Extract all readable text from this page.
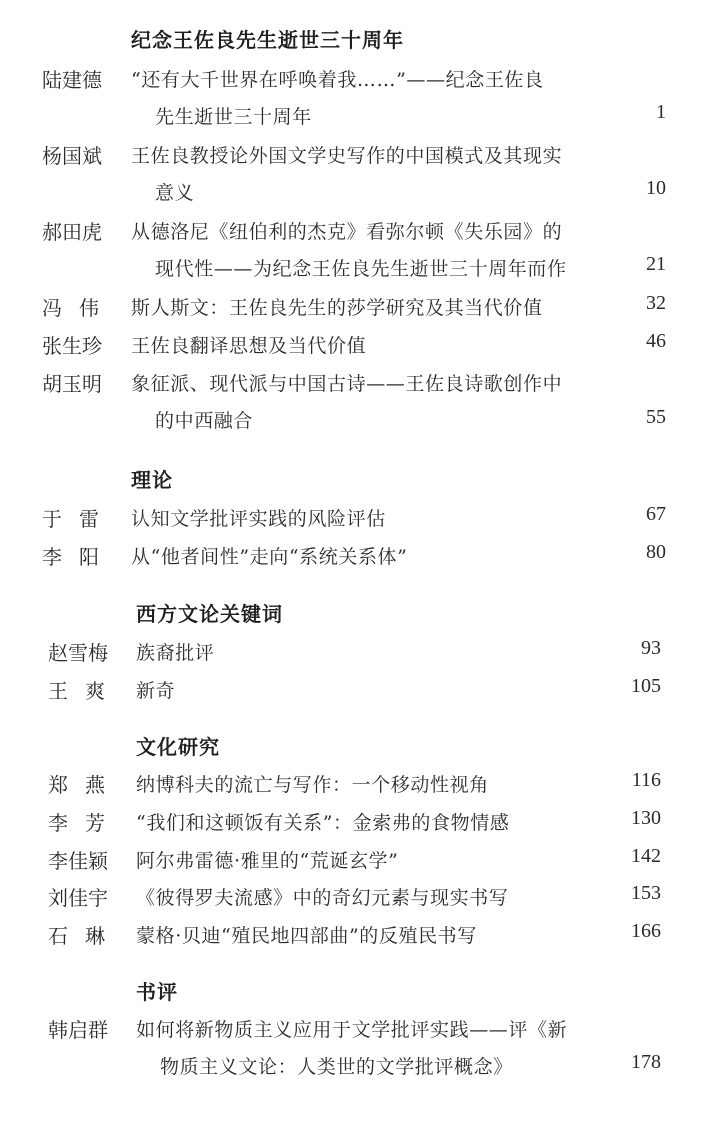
纪念王佐良先生逝世三十周年
陆建德 “还有大千世界在呼唤着我……”——纪念王佐良
先生逝世三十周年	1
杨国斌 王佐良教授论外国文学史写作的中国模式及其现实
意义	10
郝田虎 从德洛尼《纽伯利的杰克》看弥尔顿《失乐园》的
现代性——为纪念王佐良先生逝世三十周年而作	21
冯伟 斯人斯文：王佐良先生的莎学研究及其当代价值	32
张生珍 王佐良翻译思想及当代价值	46
胡玉明 象征派、现代派与中国古诗——王佐良诗歌创作中
的中西融合	55
理论
于雷 认知文学批评实践的风险评估	67
李阳 从“他者间性”走向“系统关系体”	80
西方文论关键词
赵雪梅 族裔批评	93
王爽 新奇	105
文化研究
郑燕 纳博科夫的流亡与写作：一个移动性视角	116
李芳 “我们和这顿饭有关系”：金索弗的食物情感	130
李佳颖 阿尔弗雷德·雅里的“荒诞玄学”	142
刘佳宇 《彼得罗夫流感》中的奇幻元素与现实书写	153
石琳 蒙格·贝迪“殖民地四部曲”的反殖民书写	166
书评
韩启群 如何将新物质主义应用于文学批评实践——评《新
物质主义文论：人类世的文学批评概念》	178
